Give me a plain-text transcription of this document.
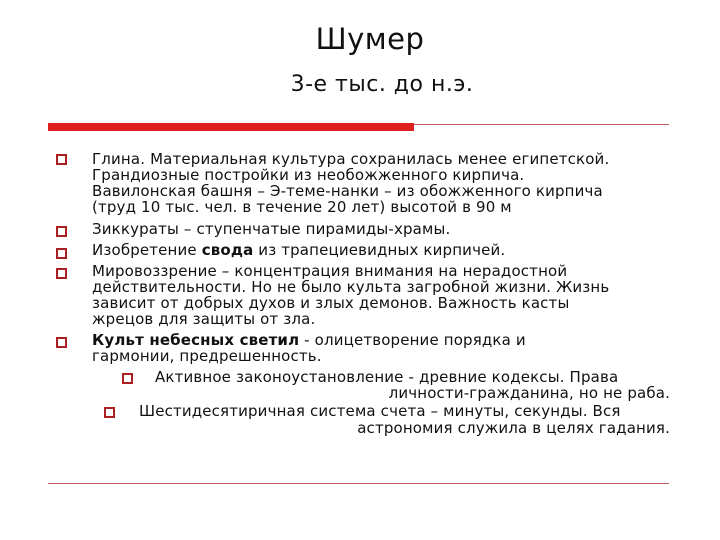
Шумер
3-е тыс. до н.э.
Глина. Материальная культура сохранилась менее египетской.
Грандиозные постройки из необожженного кирпича.
Вавилонская башня – Э-теме-нанки – из обожженного кирпича
(труд 10 тыс. чел. в течение 20 лет) высотой в 90 м
Зиккураты – ступенчатые пирамиды-храмы.
Изобретение свода из трапециевидных кирпичей.
Мировоззрение – концентрация внимания на нерадостной
действительности. Но не было культа загробной жизни. Жизнь
зависит от добрых духов и злых демонов. Важность касты
жрецов для защиты от зла.
Культ небесных светил - олицетворение порядка и
гармонии, предрешенность.
Активное законоустановление - древние кодексы. Права
личности-гражданина, но не раба.
Шестидесятиричная система счета – минуты, секунды. Вся
астрономия служила в целях гадания.
